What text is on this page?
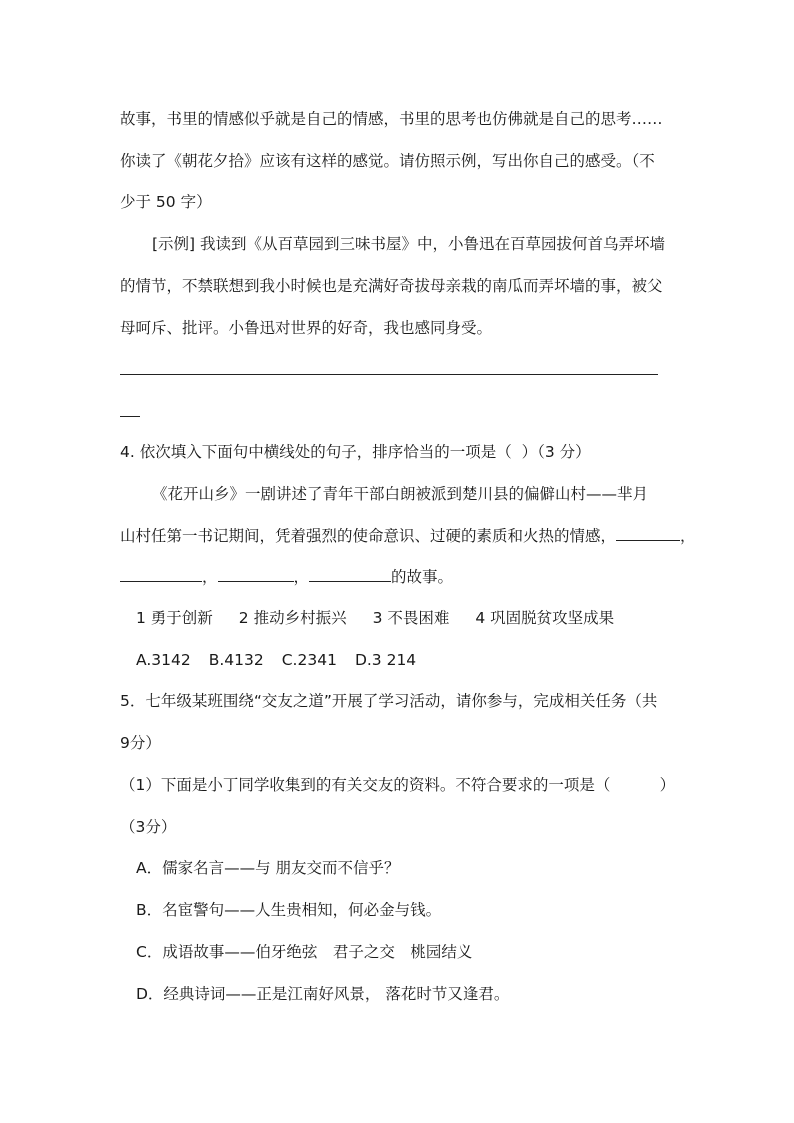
故事，书里的情感似乎就是自己的情感，书里的思考也仿佛就是自己的思考……
你读了《朝花夕拾》应该有这样的感觉。请仿照示例，写出你自己的感受。（不
少于 50 字）
[示例] 我读到《从百草园到三味书屋》中，小鲁迅在百草园拔何首乌弄坏墙
的情节，不禁联想到我小时候也是充满好奇拔母亲栽的南瓜而弄坏墙的事，被父
母呵斥、批评。小鲁迅对世界的好奇，我也感同身受。
4. 依次填入下面句中横线处的句子，排序恰当的一项是（  ）（3 分）
《花开山乡》一剧讲述了青年干部白朗被派到楚川县的偏僻山村——芈月
山村任第一书记期间，凭着强烈的使命意识、过硬的素质和火热的情感，	，
，	，	的故事。
1 勇于创新 2 推动乡村振兴 3 不畏困难 4 巩固脱贫攻坚成果
A.3142 B.4132 C.2341 D.3 214
5．七年级某班围绕“交友之道”开展了学习活动，请你参与，完成相关任务（共
9分）
（1）下面是小丁同学收集到的有关交友的资料。不符合要求的一项是（          ）
（3分）
A．儒家名言——与 朋友交而不信乎？
B．名宦警句——人生贵相知，何必金与钱。
C．成语故事——伯牙绝弦　君子之交　桃园结义
D．经典诗词——正是江南好风景， 落花时节又逢君。
